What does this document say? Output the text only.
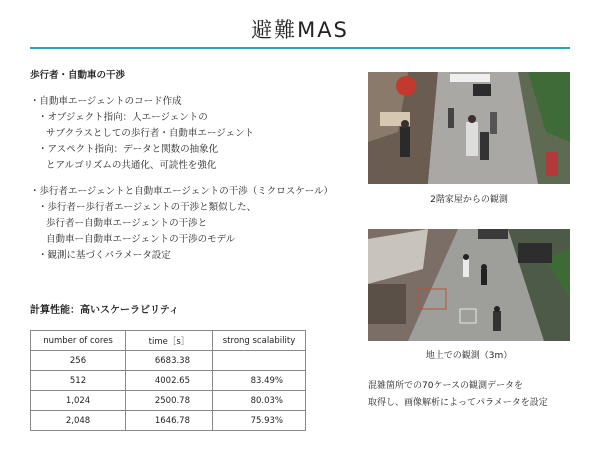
避難MAS
歩行者・自動車の干渉
・自動車エージェントのコード作成
・オブジェクト指向：人エージェントの
サブクラスとしての歩行者・自動車エージェント
・アスペクト指向：データと関数の抽象化
とアルゴリズムの共通化、可読性を強化
・歩行者エージェントと自動車エージェントの干渉（ミクロスケール）
・歩行者ー歩行者エージェントの干渉と類似した、
歩行者ー自動車エージェントの干渉と
自動車ー自動車エージェントの干渉のモデル
・観測に基づくパラメータ設定
計算性能：高いスケーラビリティ
number of cores	time［s］	strong scalability
256	6683.38	
512	4002.65	83.49%
1,024	2500.78	80.03%
2,048	1646.78	75.93%
2階家屋からの観測
地上での観測（3m）
混雑箇所での70ケースの観測データを
取得し、画像解析によってパラメータを設定
